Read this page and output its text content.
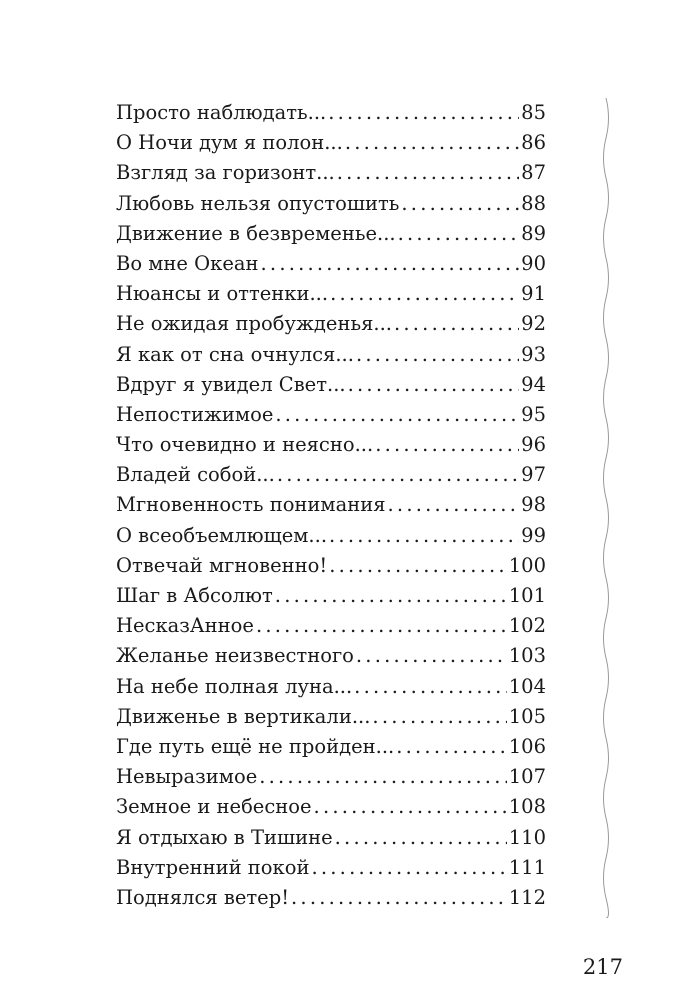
Просто наблюдать... .....	85
О Ночи дум я полон... .....	86
Взгляд за горизонт... .....	87
Любовь нельзя опустошить .....	88
Движение в безвременье... .....	89
Во мне Океан .....	90
Нюансы и оттенки... .....	91
Не ожидая пробужденья... .....	92
Я как от сна очнулся... .....	93
Вдруг я увидел Свет... .....	94
Непостижимое .....	95
Что очевидно и неясно... .....	96
Владей собой... .....	97
Мгновенность понимания .....	98
О всеобъемлющем... .....	99
Отвечай мгновенно! .....	100
Шаг в Абсолют .....	101
НесказАнное .....	102
Желанье неизвестного .....	103
На небе полная луна... .....	104
Движенье в вертикали... .....	105
Где путь ещё не пройден... .....	106
Невыразимое .....	107
Земное и небесное .....	108
Я отдыхаю в Тишине .....	110
Внутренний покой .....	111
Поднялся ветер! .....	112
217
